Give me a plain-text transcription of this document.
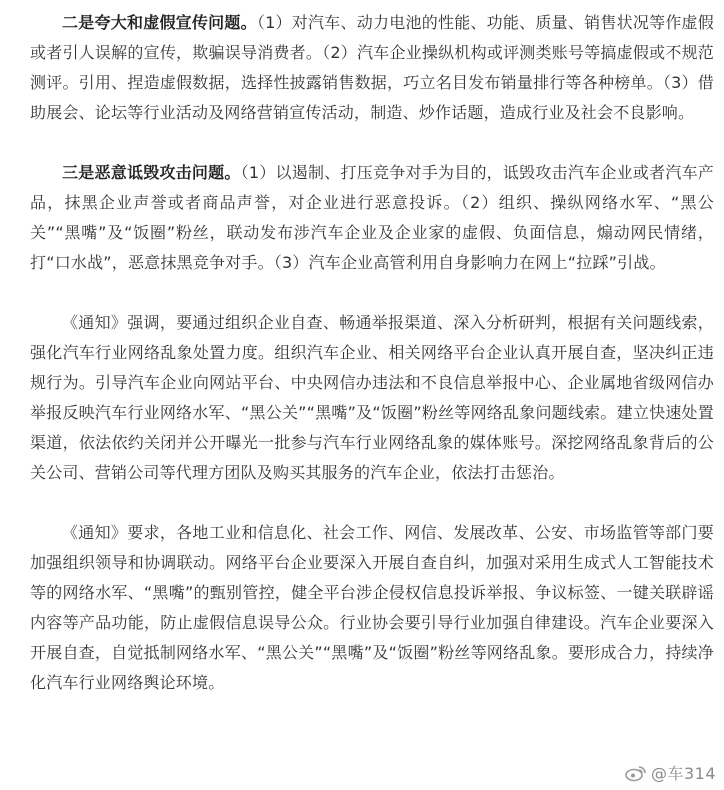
二是夸大和虚假宣传问题。（1）对汽车、动力电池的性能、功能、质量、销售状况等作虚假或者引人误解的宣传，欺骗误导消费者。（2）汽车企业操纵机构或评测类账号等搞虚假或不规范测评。引用、捏造虚假数据，选择性披露销售数据，巧立名目发布销量排行等各种榜单。（3）借助展会、论坛等行业活动及网络营销宣传活动，制造、炒作话题，造成行业及社会不良影响。

三是恶意诋毁攻击问题。（1）以遏制、打压竞争对手为目的，诋毁攻击汽车企业或者汽车产品，抹黑企业声誉或者商品声誉，对企业进行恶意投诉。（2）组织、操纵网络水军、“黑公关”“黑嘴”及“饭圈”粉丝，联动发布涉汽车企业及企业家的虚假、负面信息，煽动网民情绪，打“口水战”，恶意抹黑竞争对手。（3）汽车企业高管利用自身影响力在网上“拉踩”引战。

《通知》强调，要通过组织企业自查、畅通举报渠道、深入分析研判，根据有关问题线索，强化汽车行业网络乱象处置力度。组织汽车企业、相关网络平台企业认真开展自查，坚决纠正违规行为。引导汽车企业向网站平台、中央网信办违法和不良信息举报中心、企业属地省级网信办举报反映汽车行业网络水军、“黑公关”“黑嘴”及“饭圈”粉丝等网络乱象问题线索。建立快速处置渠道，依法依约关闭并公开曝光一批参与汽车行业网络乱象的媒体账号。深挖网络乱象背后的公关公司、营销公司等代理方团队及购买其服务的汽车企业，依法打击惩治。

《通知》要求，各地工业和信息化、社会工作、网信、发展改革、公安、市场监管等部门要加强组织领导和协调联动。网络平台企业要深入开展自查自纠，加强对采用生成式人工智能技术等的网络水军、“黑嘴”的甄别管控，健全平台涉企侵权信息投诉举报、争议标签、一键关联辟谣内容等产品功能，防止虚假信息误导公众。行业协会要引导行业加强自律建设。汽车企业要深入开展自查，自觉抵制网络水军、“黑公关”“黑嘴”及“饭圈”粉丝等网络乱象。要形成合力，持续净化汽车行业网络舆论环境。

@车314
